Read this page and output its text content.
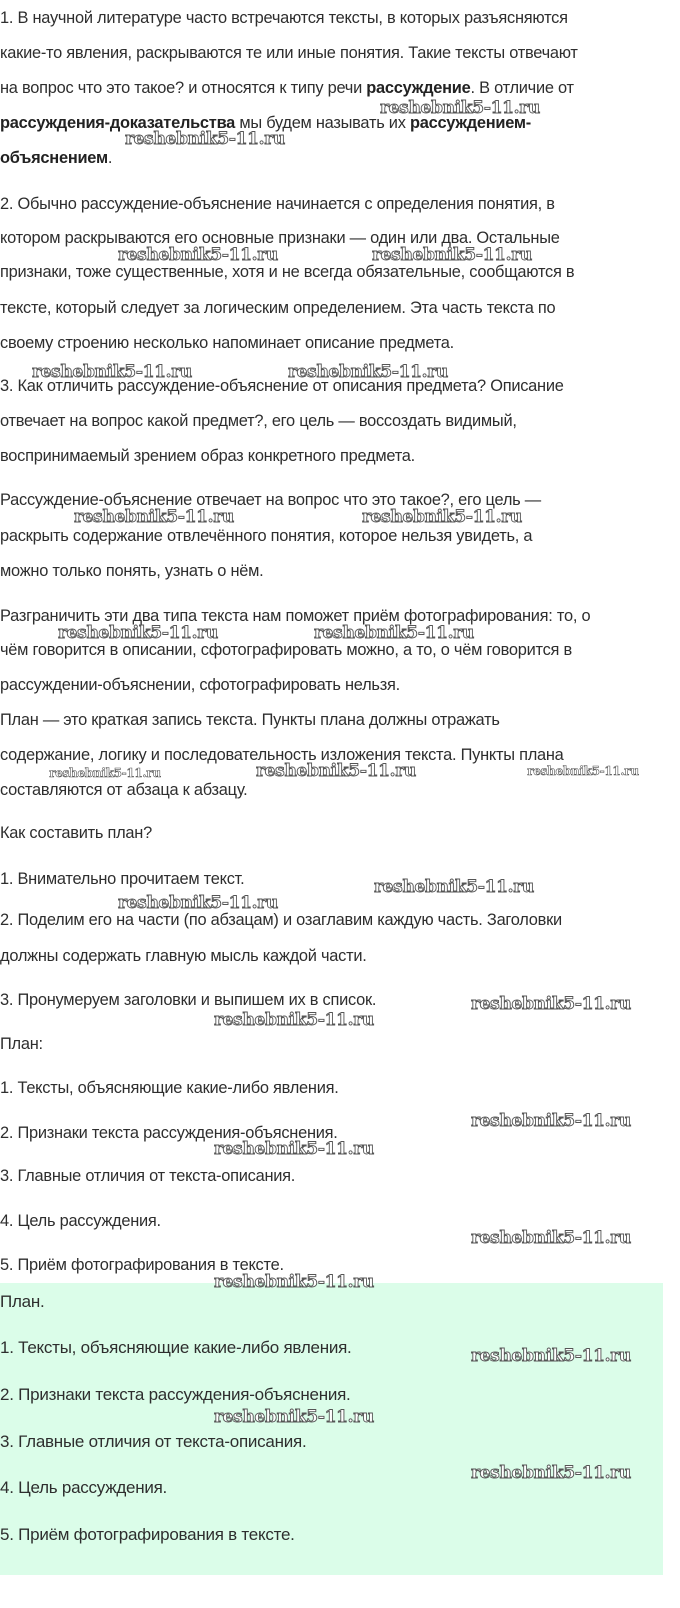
1. В научной литературе часто встречаются тексты, в которых разъясняются
какие-то явления, раскрываются те или иные понятия. Такие тексты отвечают
на вопрос что это такое? и относятся к типу речи рассуждение. В отличие от
рассуждения-доказательства мы будем называть их рассуждением-
объяснением.
2. Обычно рассуждение-объяснение начинается с определения понятия, в
котором раскрываются его основные признаки — один или два. Остальные
признаки, тоже существенные, хотя и не всегда обязательные, сообщаются в
тексте, который следует за логическим определением. Эта часть текста по
своему строению несколько напоминает описание предмета.
3. Как отличить рассуждение-объяснение от описания предмета? Описание
отвечает на вопрос какой предмет?, его цель — воссоздать видимый,
воспринимаемый зрением образ конкретного предмета.
Рассуждение-объяснение отвечает на вопрос что это такое?, его цель —
раскрыть содержание отвлечённого понятия, которое нельзя увидеть, а
можно только понять, узнать о нём.
Разграничить эти два типа текста нам поможет приём фотографирования: то, о
чём говорится в описании, сфотографировать можно, а то, о чём говорится в
рассуждении-объяснении, сфотографировать нельзя.
План — это краткая запись текста. Пункты плана должны отражать
содержание, логику и последовательность изложения текста. Пункты плана
составляются от абзаца к абзацу.
Как составить план?
1. Внимательно прочитаем текст.
2. Поделим его на части (по абзацам) и озаглавим каждую часть. Заголовки
должны содержать главную мысль каждой части.
3. Пронумеруем заголовки и выпишем их в список.
План:
1. Тексты, объясняющие какие-либо явления.
2. Признаки текста рассуждения-объяснения.
3. Главные отличия от текста-описания.
4. Цель рассуждения.
5. Приём фотографирования в тексте.
План.
1. Тексты, объясняющие какие-либо явления.
2. Признаки текста рассуждения-объяснения.
3. Главные отличия от текста-описания.
4. Цель рассуждения.
5. Приём фотографирования в тексте.
reshebnik5-11.ru
reshebnik5-11.ru
reshebnik5-11.ru	reshebnik5-11.ru
reshebnik5-11.ru	reshebnik5-11.ru
reshebnik5-11.ru	reshebnik5-11.ru
reshebnik5-11.ru	reshebnik5-11.ru
reshebnik5-11.ru	reshebnik5-11.ru	reshebnik5-11.ru
reshebnik5-11.ru
reshebnik5-11.ru
reshebnik5-11.ru
reshebnik5-11.ru
reshebnik5-11.ru
reshebnik5-11.ru
reshebnik5-11.ru
reshebnik5-11.ru
reshebnik5-11.ru
reshebnik5-11.ru
reshebnik5-11.ru
